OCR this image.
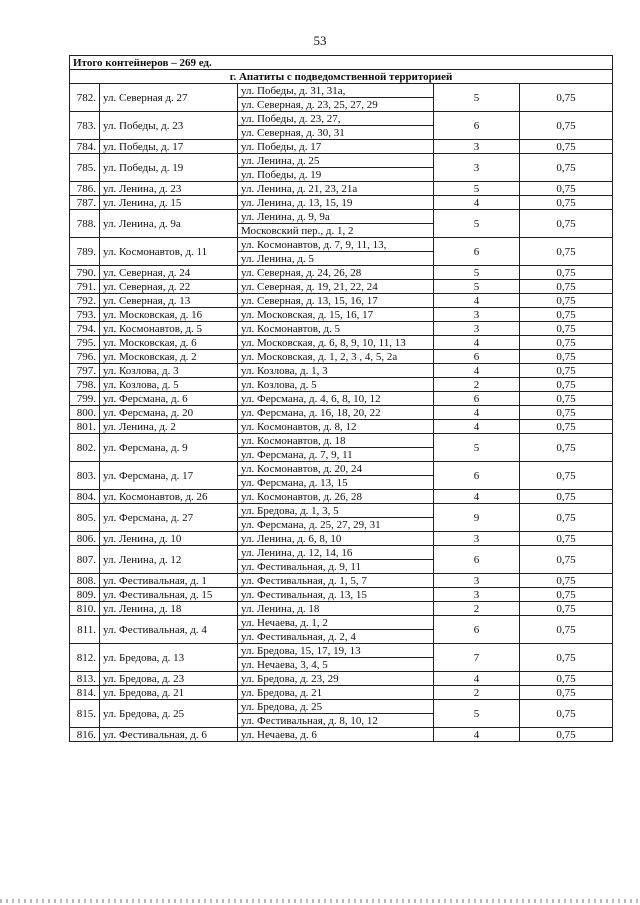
53
Итого контейнеров – 269 ед.				
г. Апатиты с подведомственной территорией				
782.	ул. Северная д. 27	ул. Победы, д. 31, 31а,	5	0,75
		ул. Северная, д. 23, 25, 27, 29		
783.	ул. Победы, д. 23	ул. Победы, д. 23, 27,	6	0,75
		ул. Северная, д. 30, 31		
784.	ул. Победы, д. 17	ул. Победы, д. 17	3	0,75
785.	ул. Победы, д. 19	ул. Ленина, д. 25	3	0,75
		ул. Победы, д. 19		
786.	ул. Ленина, д. 23	ул. Ленина, д. 21, 23, 21а	5	0,75
787.	ул. Ленина, д. 15	ул. Ленина, д. 13, 15, 19	4	0,75
788.	ул. Ленина, д. 9а	ул. Ленина, д. 9, 9а	5	0,75
		Московский пер., д. 1, 2		
789.	ул. Космонавтов, д. 11	ул. Космонавтов, д. 7, 9, 11, 13,	6	0,75
		ул. Ленина, д. 5		
790.	ул. Северная, д. 24	ул. Северная, д. 24, 26, 28	5	0,75
791.	ул. Северная, д. 22	ул. Северная, д. 19, 21, 22, 24	5	0,75
792.	ул. Северная, д. 13	ул. Северная, д. 13, 15, 16, 17	4	0,75
793.	ул. Московская, д. 16	ул. Московская, д. 15, 16, 17	3	0,75
794.	ул. Космонавтов, д. 5	ул. Космонавтов, д. 5	3	0,75
795.	ул. Московская, д. 6	ул. Московская, д. 6, 8, 9, 10, 11, 13	4	0,75
796.	ул. Московская, д. 2	ул. Московская, д. 1, 2, 3 , 4, 5, 2а	6	0,75
797.	ул. Козлова, д. 3	ул. Козлова, д. 1, 3	4	0,75
798.	ул. Козлова, д. 5	ул. Козлова, д. 5	2	0,75
799.	ул. Ферсмана, д. 6	ул. Ферсмана, д. 4, 6, 8, 10, 12	6	0,75
800.	ул. Ферсмана, д. 20	ул. Ферсмана, д. 16, 18, 20, 22	4	0,75
801.	ул. Ленина, д. 2	ул. Космонавтов, д. 8, 12	4	0,75
802.	ул. Ферсмана, д. 9	ул. Космонавтов, д. 18	5	0,75
		ул. Ферсмана, д. 7, 9, 11		
803.	ул. Ферсмана, д. 17	ул. Космонавтов, д. 20, 24	6	0,75
		ул. Ферсмана, д. 13, 15		
804.	ул. Космонавтов, д. 26	ул. Космонавтов, д. 26, 28	4	0,75
805.	ул. Ферсмана, д. 27	ул. Бредова, д. 1, 3, 5	9	0,75
		ул. Ферсмана, д. 25, 27, 29, 31		
806.	ул. Ленина, д. 10	ул. Ленина, д. 6, 8, 10	3	0,75
807.	ул. Ленина, д. 12	ул. Ленина, д. 12, 14, 16	6	0,75
		ул. Фестивальная, д. 9, 11		
808.	ул. Фестивальная, д. 1	ул. Фестивальная, д. 1, 5, 7	3	0,75
809.	ул. Фестивальная, д. 15	ул. Фестивальная, д. 13, 15	3	0,75
810.	ул. Ленина, д. 18	ул. Ленина, д. 18	2	0,75
811.	ул. Фестивальная, д. 4	ул. Нечаева, д. 1, 2	6	0,75
		ул. Фестивальная, д. 2, 4		
812.	ул. Бредова, д. 13	ул. Бредова, 15, 17, 19, 13	7	0,75
		ул. Нечаева, 3, 4, 5		
813.	ул. Бредова, д. 23	ул. Бредова, д. 23, 29	4	0,75
814.	ул. Бредова, д. 21	ул. Бредова, д. 21	2	0,75
815.	ул. Бредова, д. 25	ул. Бредова, д. 25	5	0,75
		ул. Фестивальная, д. 8, 10, 12		
816.	ул. Фестивальная, д. 6	ул. Нечаева, д. 6	4	0,75
